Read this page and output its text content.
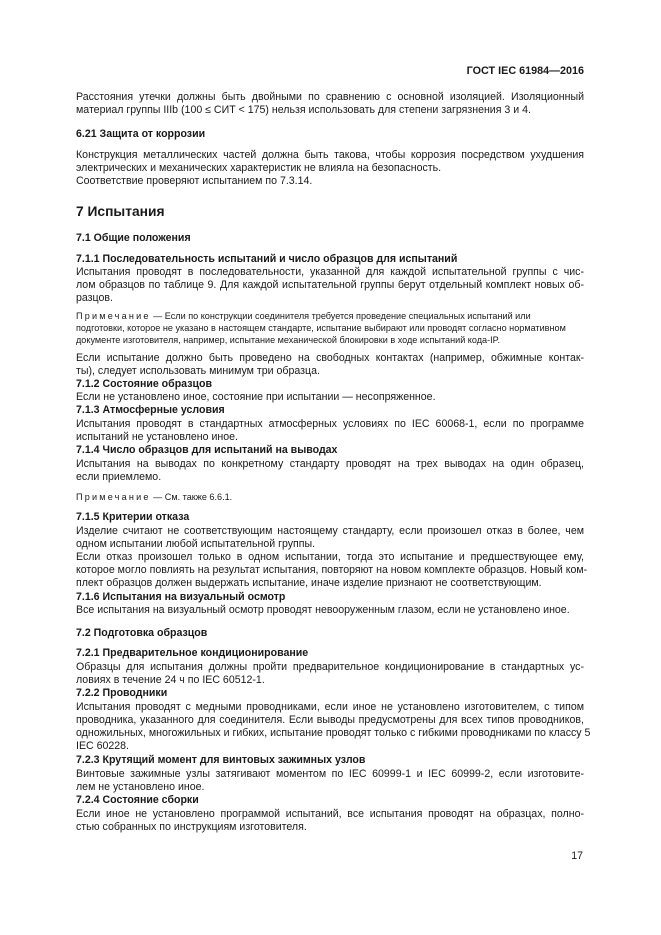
ГОСТ IEC 61984—2016
Расстояния утечки должны быть двойными по сравнению с основной изоляцией. Изоляционный
материал группы IIIb (100 ≤ СИТ < 175) нельзя использовать для степени загрязнения 3 и 4.
6.21 Защита от коррозии
Конструкция металлических частей должна быть такова, чтобы коррозия посредством ухудшения
электрических и механических характеристик не влияла на безопасность.
Соответствие проверяют испытанием по 7.3.14.
7 Испытания
7.1 Общие положения
7.1.1 Последовательность испытаний и число образцов для испытаний
Испытания проводят в последовательности, указанной для каждой испытательной группы с чис-
лом образцов по таблице 9. Для каждой испытательной группы берут отдельный комплект новых об-
разцов.
Примечание — Если по конструкции соединителя требуется проведение специальных испытаний или
подготовки, которое не указано в настоящем стандарте, испытание выбирают или проводят согласно нормативном
документе изготовителя, например, испытание механической блокировки в ходе испытаний кода-IP.
Если испытание должно быть проведено на свободных контактах (например, обжимные контак-
ты), следует использовать минимум три образца.
7.1.2 Состояние образцов
Если не установлено иное, состояние при испытании — несопряженное.
7.1.3 Атмосферные условия
Испытания проводят в стандартных атмосферных условиях по IEC 60068-1, если по программе
испытаний не установлено иное.
7.1.4 Число образцов для испытаний на выводах
Испытания на выводах по конкретному стандарту проводят на трех выводах на один образец,
если приемлемо.
Примечание — См. также 6.6.1.
7.1.5 Критерии отказа
Изделие считают не соответствующим настоящему стандарту, если произошел отказ в более, чем
одном испытании любой испытательной группы.
Если отказ произошел только в одном испытании, тогда это испытание и предшествующее ему,
которое могло повлиять на результат испытания, повторяют на новом комплекте образцов. Новый ком-
плект образцов должен выдержать испытание, иначе изделие признают не соответствующим.
7.1.6 Испытания на визуальный осмотр
Все испытания на визуальный осмотр проводят невооруженным глазом, если не установлено иное.
7.2 Подготовка образцов
7.2.1 Предварительное кондиционирование
Образцы для испытания должны пройти предварительное кондиционирование в стандартных ус-
ловиях в течение 24 ч по IEC 60512-1.
7.2.2 Проводники
Испытания проводят с медными проводниками, если иное не установлено изготовителем, с типом
проводника, указанного для соединителя. Если выводы предусмотрены для всех типов проводников,
одножильных, многожильных и гибких, испытание проводят только с гибкими проводниками по классу 5
IEC 60228.
7.2.3 Крутящий момент для винтовых зажимных узлов
Винтовые зажимные узлы затягивают моментом по IEC 60999-1 и IEC 60999-2, если изготовите-
лем не установлено иное.
7.2.4 Состояние сборки
Если иное не установлено программой испытаний, все испытания проводят на образцах, полно-
стью собранных по инструкциям изготовителя.
17
